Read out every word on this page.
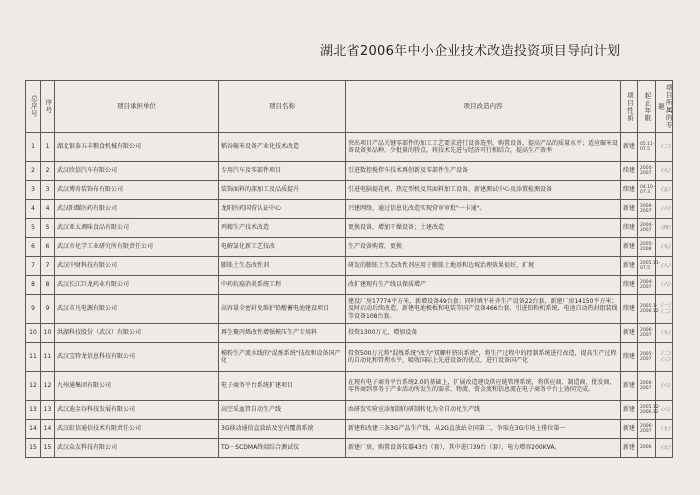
湖北省2006年中小企业技术改造投资项目导向计划
总序号	序号	项目承担单位	项目名称	项目改造内容	项目性质	起止年限	项目所属的专题
1	1	湖北银泰五丰粮食机械有限公司	稻谷碾米设备产业化技术改造	突出项目产品关键零部件的加工工艺要求进行设备选型，购置设备，提高产品的质量水平；适应碾米设备设备多品种、少批量的特点，将技术先进与经济可行相结合，提高生产效率	新建	05.11-07.5	（二）
2	2	武汉欣信汽车有限公司	专用汽车及零部件项目	引进数控搅拌车技术再创新及零部件生产设备	续建	2004-2007	（八）
3	3	武汉博奇装饰布有限公司	装饰面料的深加工及品质提升	引进电脑提花机、热定型机及其面料加工设备，新建测试中心及添置检测设备	续建	04.10-07.3	（五）
4	4	武汉阳耀医药有限公司	龙阳医药国营认证中心	兴建网络，通过信息化改造实现营审审批"一卡通"。	新建	2006-2007	（六）
5	5	武汉亚太调味食品有限公司	鸡精生产技术改造	更换设备，增加干燥设备；土建改造	续建	2004-2007	（四）
6	6	武汉市化学工业研究所有限责任公司	电解氯化新工艺技改	生产设备购置，更换	新建	2005-2008	（九）
7	7	武汉中财科技有限公司	膨胀土生态改性剂	研发的膨胀土生态改性剂应用于膨胀土地基和边坡治理效果很好，扩规	新建	2005.11-07.5	（八）
8	8	武汉长江巨龙药业有限公司	中药抗癌消炎系统工程	改扩建现有生产线以保质增产	续建	2004-2007	（六）
9	9	武汉市凡电源有限公司	高容量全密封免维护铅酸蓄电池建设项目	建设厂房17774平方米，新增设备49台套；同时填平补齐生产设备22台套，新建厂房14150平方米；及时启动后续改造，新建电池极板和电装等国产设备466台套，引进铅粉机系统、电池自动热封组装线等设备108台套。	续建	2005.1-2006.12	（一）（二）
10	10	洪湖科技股份（武汉）有限公司	再生聚丙烯改性增强模压生产专用料	投资1300万元，增加设备	新建	2006-2007	（九）
11	11	武汉宝特龙信息科技有限公司	模粉生产流水线的"混炼系统"技改和设备国产化	投资500万元将"混炼系统"改为"双螺杆挤出系统"，将生产过程中的控制系统进行改造，提高生产过程的自动化和管理水平，吸收国际上先进设备的优点，进行设备国产化	续建	2005-2007	（二）（三）
12	12	九州通集团有限公司	电子商务平台系统扩建项目	在现有电子商务平台系统2.0的基础上，扩展改造建设供应链管理系统，将供应商、制造商、批发商、零售商到事务于产业活动所发生的需求、物流、资金流和信息流在电子商务平台上协同完成。	新建	2006-2007	（六）
13	13	武汉迪金谷科技发展有限公司	高空采血管自动生产线	由研发实验室添加制的研制转化为全自动化生产线	新建	2005.12-2006.12	（六）
14	14	武汉虹信通信技术有限责任公司	3G移动通信直放站及室内覆盖系统	新建和改建三条3G产品生产线，从2G直放站全国第二，争取在3G市场上排位第一	新建	2006-2007	（七）
15	15	武汉众友科技有限公司	TD－SCDMA终端综合测试仪	新建厂房，购置设备仪器43台（套），其中进口39台（套），电力增容200KVA。	新建	2006	（七）
